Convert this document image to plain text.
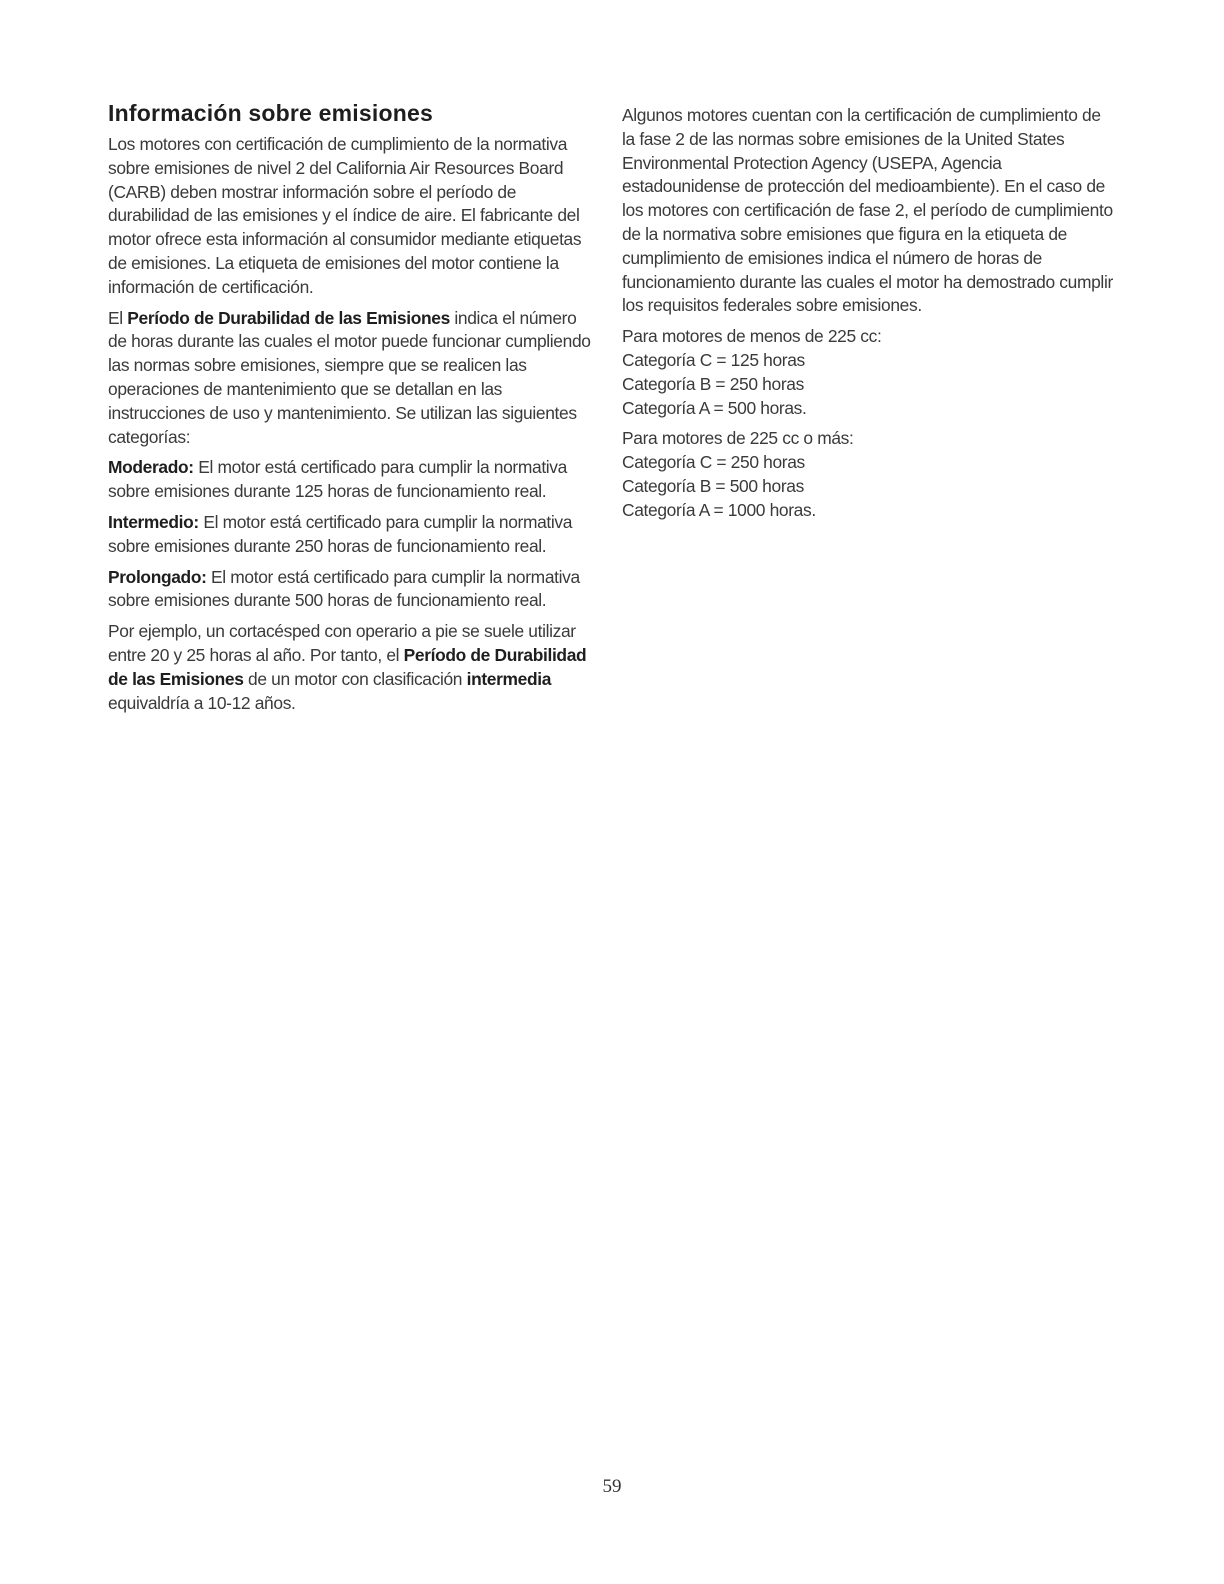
Información sobre emisiones

Los motores con certificación de cumplimiento de la normativa sobre emisiones de nivel 2 del California Air Resources Board (CARB) deben mostrar información sobre el período de durabilidad de las emisiones y el índice de aire. El fabricante del motor ofrece esta información al consumidor mediante etiquetas de emisiones. La etiqueta de emisiones del motor contiene la información de certificación.

El Período de Durabilidad de las Emisiones indica el número de horas durante las cuales el motor puede funcionar cumpliendo las normas sobre emisiones, siempre que se realicen las operaciones de mantenimiento que se detallan en las instrucciones de uso y mantenimiento. Se utilizan las siguientes categorías:

Moderado: El motor está certificado para cumplir la normativa sobre emisiones durante 125 horas de funcionamiento real.

Intermedio: El motor está certificado para cumplir la normativa sobre emisiones durante 250 horas de funcionamiento real.

Prolongado: El motor está certificado para cumplir la normativa sobre emisiones durante 500 horas de funcionamiento real.

Por ejemplo, un cortacésped con operario a pie se suele utilizar entre 20 y 25 horas al año. Por tanto, el Período de Durabilidad de las Emisiones de un motor con clasificación intermedia equivaldría a 10-12 años.

Algunos motores cuentan con la certificación de cumplimiento de la fase 2 de las normas sobre emisiones de la United States Environmental Protection Agency (USEPA, Agencia estadounidense de protección del medioambiente). En el caso de los motores con certificación de fase 2, el período de cumplimiento de la normativa sobre emisiones que figura en la etiqueta de cumplimiento de emisiones indica el número de horas de funcionamiento durante las cuales el motor ha demostrado cumplir los requisitos federales sobre emisiones.

Para motores de menos de 225 cc:
Categoría C = 125 horas
Categoría B = 250 horas
Categoría A = 500 horas.
Para motores de 225 cc o más:
Categoría C = 250 horas
Categoría B = 500 horas
Categoría A = 1000 horas.
59
